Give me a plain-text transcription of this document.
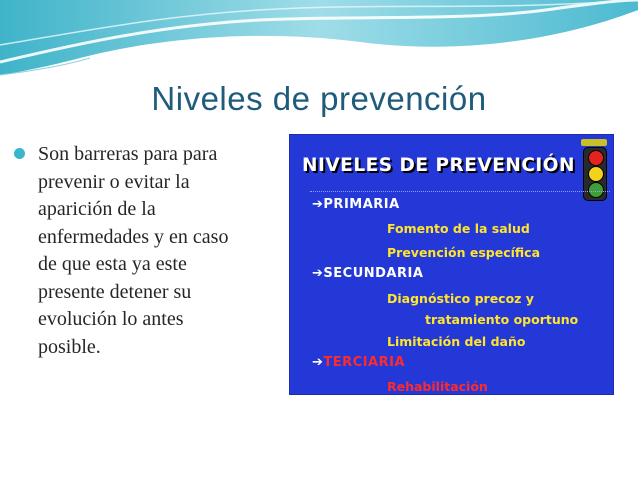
Niveles de prevención
Son barreras para para
prevenir o evitar la
aparición de la
enfermedades y en caso
de que esta ya este
presente detener su
evolución lo antes
posible.
NIVELES DE PREVENCIÓN
➔PRIMARIA
Fomento de la salud
Prevención específica
➔SECUNDARIA
Diagnóstico precoz y
tratamiento oportuno
Limitación del daño
➔TERCIARIA
Rehabilitación
